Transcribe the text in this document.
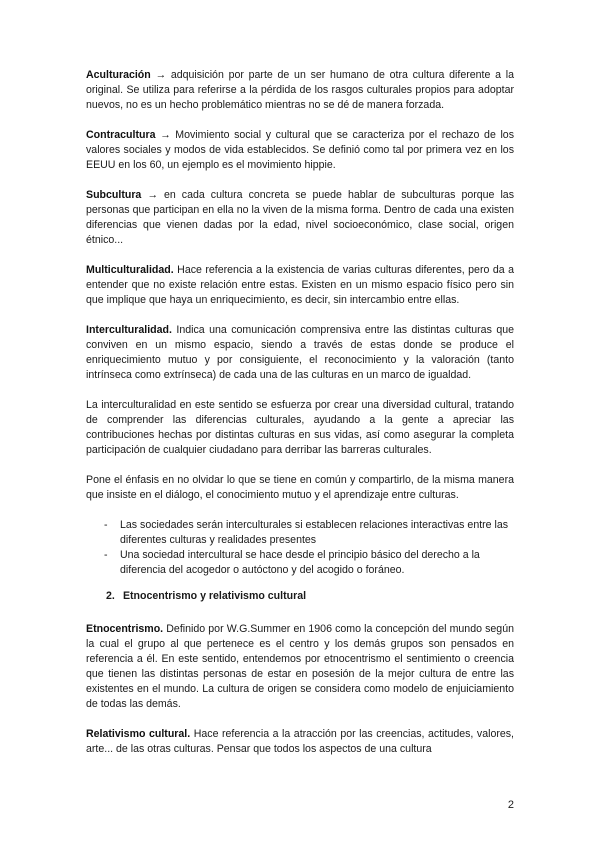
Aculturación → adquisición por parte de un ser humano de otra cultura diferente a la original. Se utiliza para referirse a la pérdida de los rasgos culturales propios para adoptar nuevos, no es un hecho problemático mientras no se dé de manera forzada.

Contracultura → Movimiento social y cultural que se caracteriza por el rechazo de los valores sociales y modos de vida establecidos. Se definió como tal por primera vez en los EEUU en los 60, un ejemplo es el movimiento hippie.

Subcultura → en cada cultura concreta se puede hablar de subculturas porque las personas que participan en ella no la viven de la misma forma. Dentro de cada una existen diferencias que vienen dadas por la edad, nivel socioeconómico, clase social, origen étnico...

Multiculturalidad. Hace referencia a la existencia de varias culturas diferentes, pero da a entender que no existe relación entre estas. Existen en un mismo espacio físico pero sin que implique que haya un enriquecimiento, es decir, sin intercambio entre ellas.

Interculturalidad. Indica una comunicación comprensiva entre las distintas culturas que conviven en un mismo espacio, siendo a través de estas donde se produce el enriquecimiento mutuo y por consiguiente, el reconocimiento y la valoración (tanto intrínseca como extrínseca) de cada una de las culturas en un marco de igualdad.

La interculturalidad en este sentido se esfuerza por crear una diversidad cultural, tratando de comprender las diferencias culturales, ayudando a la gente a apreciar las contribuciones hechas por distintas culturas en sus vidas, así como asegurar la completa participación de cualquier ciudadano para derribar las barreras culturales.

Pone el énfasis en no olvidar lo que se tiene en común y compartirlo, de la misma manera que insiste en el diálogo, el conocimiento mutuo y el aprendizaje entre culturas.

- Las sociedades serán interculturales si establecen relaciones interactivas entre las diferentes culturas y realidades presentes
- Una sociedad intercultural se hace desde el principio básico del derecho a la diferencia del acogedor o autóctono y del acogido o foráneo.
2. Etnocentrismo y relativismo cultural

Etnocentrismo. Definido por W.G.Summer en 1906 como la concepción del mundo según la cual el grupo al que pertenece es el centro y los demás grupos son pensados en referencia a él. En este sentido, entendemos por etnocentrismo el sentimiento o creencia que tienen las distintas personas de estar en posesión de la mejor cultura de entre las existentes en el mundo. La cultura de origen se considera como modelo de enjuiciamiento de todas las demás.

Relativismo cultural. Hace referencia a la atracción por las creencias, actitudes, valores, arte... de las otras culturas. Pensar que todos los aspectos de una cultura

2
